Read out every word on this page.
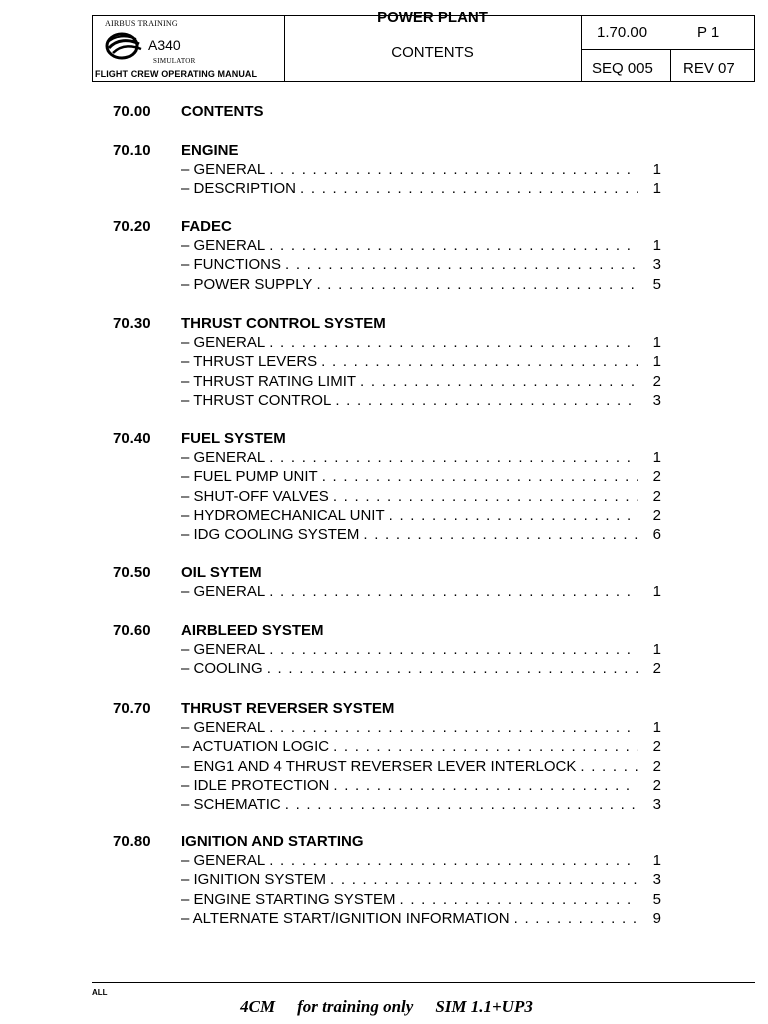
AIRBUS TRAINING
A340
SIMULATOR
FLIGHT CREW OPERATING MANUAL
POWER PLANT
CONTENTS
1.70.00	P 1
SEQ 005 REV 07
70.00 CONTENTS
70.10 ENGINE
– GENERAL . . .	1
– DESCRIPTION . . .	1
70.20 FADEC
– GENERAL . . .	1
– FUNCTIONS . . .	3
– POWER SUPPLY . . .	5
70.30 THRUST CONTROL SYSTEM
– GENERAL . . .	1
– THRUST LEVERS . . .	1
– THRUST RATING LIMIT . . .	2
– THRUST CONTROL . . .	3
70.40 FUEL SYSTEM
– GENERAL . . .	1
– FUEL PUMP UNIT . . .	2
– SHUT-OFF VALVES . . .	2
– HYDROMECHANICAL UNIT . . .	2
– IDG COOLING SYSTEM . . .	6
70.50 OIL SYTEM
– GENERAL . . .	1
70.60 AIRBLEED SYSTEM
– GENERAL . . .	1
– COOLING . . .	2
70.70 THRUST REVERSER SYSTEM
– GENERAL . . .	1
– ACTUATION LOGIC . . .	2
– ENG1 AND 4 THRUST REVERSER LEVER INTERLOCK . . .	2
– IDLE PROTECTION . . .	2
– SCHEMATIC . . .	3
70.80 IGNITION AND STARTING
– GENERAL . . .	1
– IGNITION SYSTEM . . .	3
– ENGINE STARTING SYSTEM . . .	5
– ALTERNATE START/IGNITION INFORMATION . . .	9
ALL
4CM for training only SIM 1.1+UP3
